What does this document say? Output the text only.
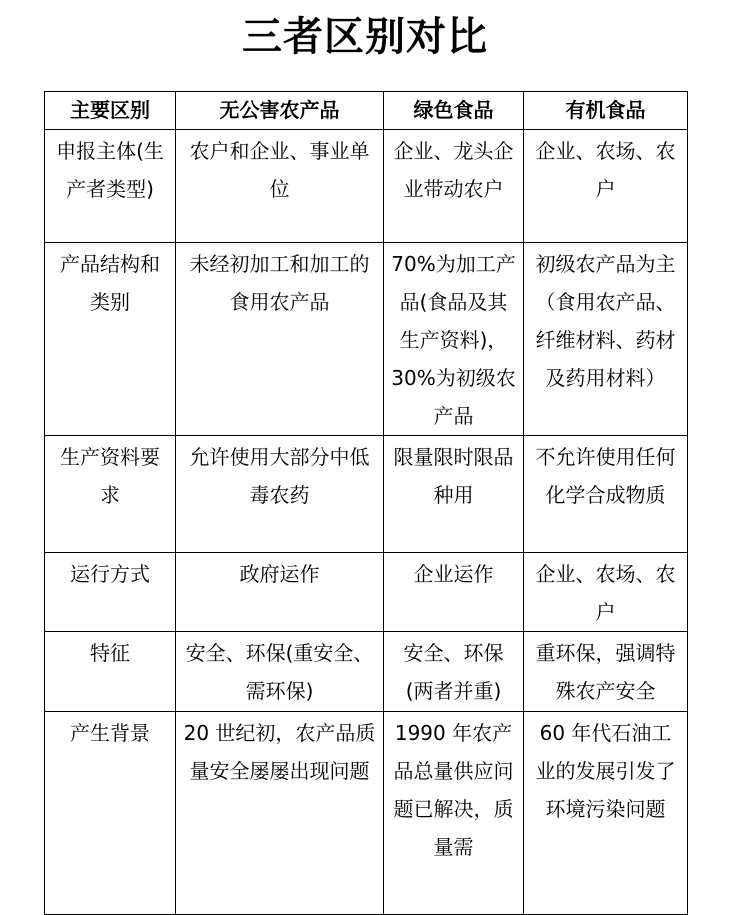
三者区别对比
主要区别	无公害农产品	绿色食品	有机食品
申报主体(生产者类型)	农户和企业、事业单位	企业、龙头企业带动农户	企业、农场、农户
产品结构和类别	未经初加工和加工的食用农产品	70%为加工产品(食品及其生产资料)，30%为初级农产品	初级农产品为主（食用农产品、纤维材料、药材及药用材料）
生产资料要求	允许使用大部分中低毒农药	限量限时限品种用	不允许使用任何化学合成物质
运行方式	政府运作	企业运作	企业、农场、农户
特征	安全、环保(重安全、需环保)	安全、环保(两者并重)	重环保，强调特殊农产安全
产生背景	20 世纪初，农产品质量安全屡屡出现问题	1990 年农产品总量供应问题已解决，质量需	60 年代石油工业的发展引发了环境污染问题
